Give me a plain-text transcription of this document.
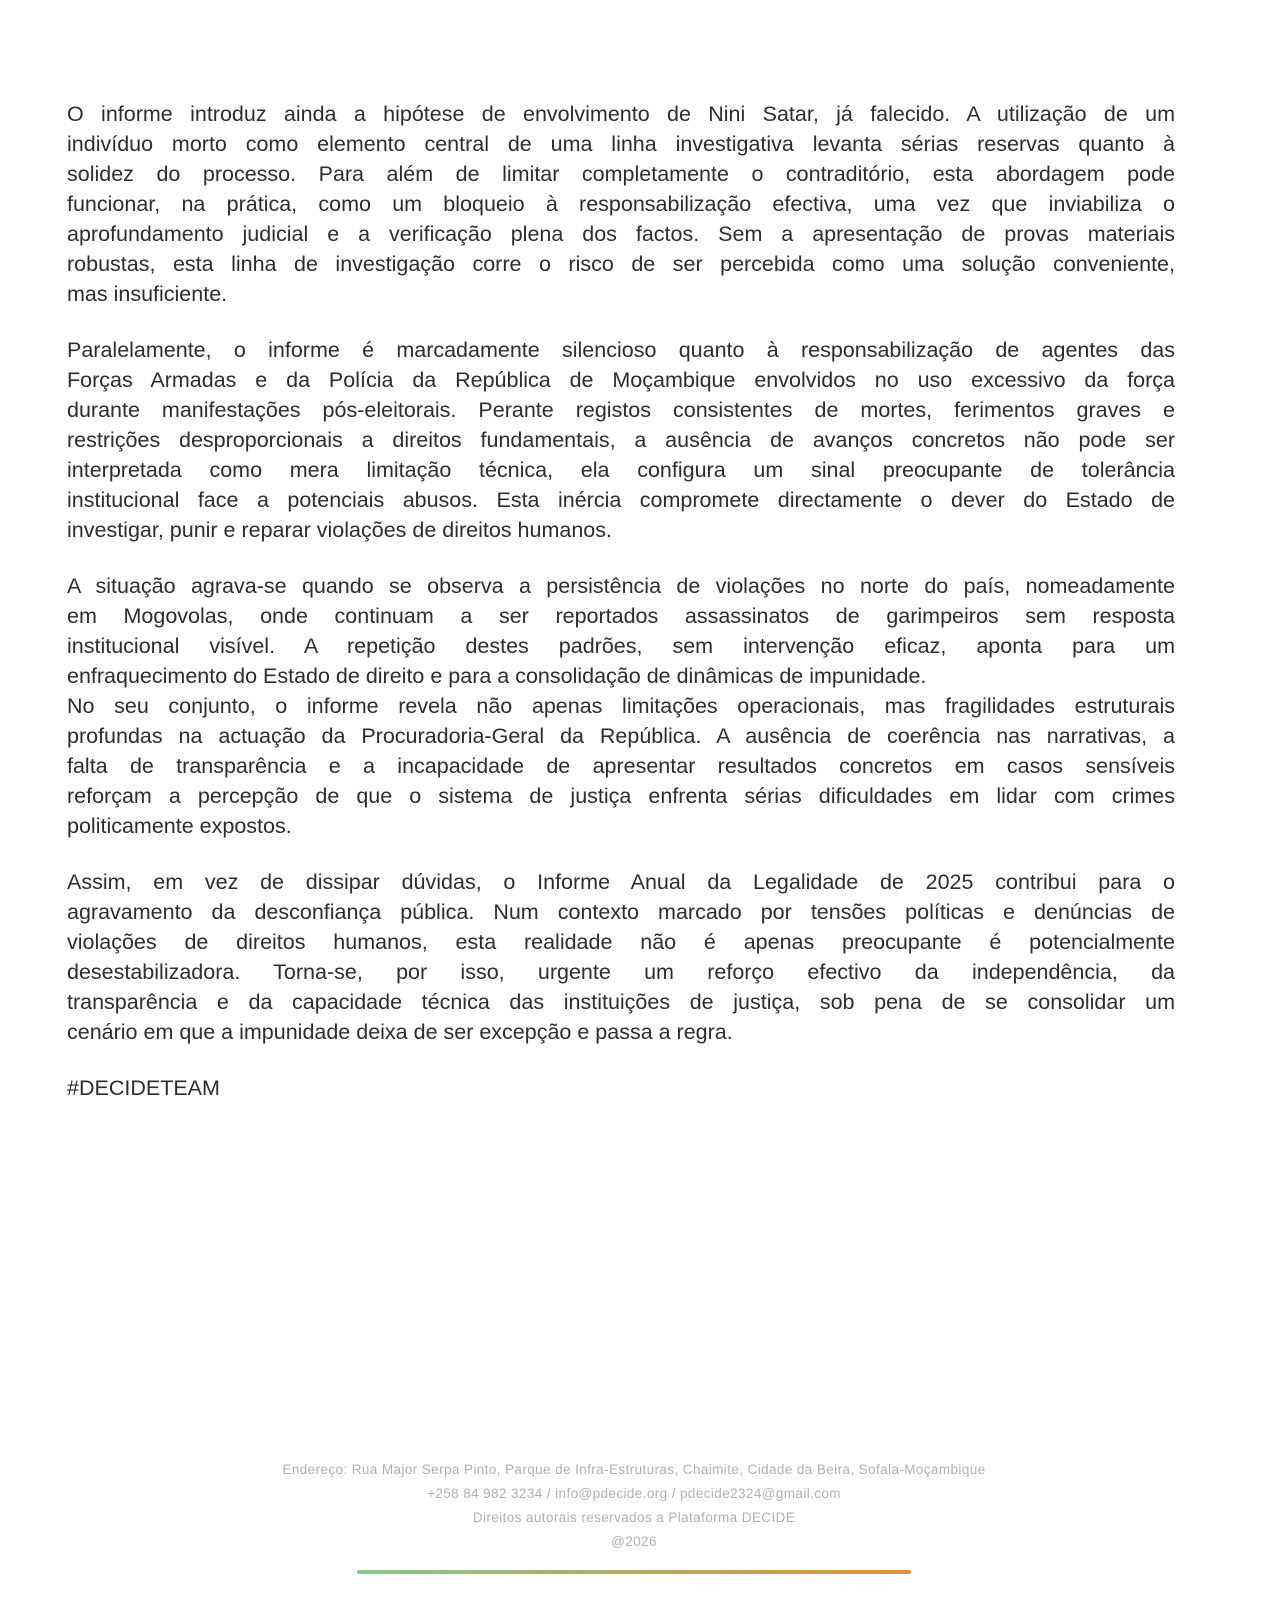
O informe introduz ainda a hipótese de envolvimento de Nini Satar, já falecido. A utilização de um
indivíduo morto como elemento central de uma linha investigativa levanta sérias reservas quanto à
solidez do processo. Para além de limitar completamente o contraditório, esta abordagem pode
funcionar, na prática, como um bloqueio à responsabilização efectiva, uma vez que inviabiliza o
aprofundamento judicial e a verificação plena dos factos. Sem a apresentação de provas materiais
robustas, esta linha de investigação corre o risco de ser percebida como uma solução conveniente,
mas insuficiente.
Paralelamente, o informe é marcadamente silencioso quanto à responsabilização de agentes das
Forças Armadas e da Polícia da República de Moçambique envolvidos no uso excessivo da força
durante manifestações pós-eleitorais. Perante registos consistentes de mortes, ferimentos graves e
restrições desproporcionais a direitos fundamentais, a ausência de avanços concretos não pode ser
interpretada como mera limitação técnica, ela configura um sinal preocupante de tolerância
institucional face a potenciais abusos. Esta inércia compromete directamente o dever do Estado de
investigar, punir e reparar violações de direitos humanos.
A situação agrava-se quando se observa a persistência de violações no norte do país, nomeadamente
em Mogovolas, onde continuam a ser reportados assassinatos de garimpeiros sem resposta
institucional visível. A repetição destes padrões, sem intervenção eficaz, aponta para um
enfraquecimento do Estado de direito e para a consolidação de dinâmicas de impunidade.
No seu conjunto, o informe revela não apenas limitações operacionais, mas fragilidades estruturais
profundas na actuação da Procuradoria-Geral da República. A ausência de coerência nas narrativas, a
falta de transparência e a incapacidade de apresentar resultados concretos em casos sensíveis
reforçam a percepção de que o sistema de justiça enfrenta sérias dificuldades em lidar com crimes
politicamente expostos.
Assim, em vez de dissipar dúvidas, o Informe Anual da Legalidade de 2025 contribui para o
agravamento da desconfiança pública. Num contexto marcado por tensões políticas e denúncias de
violações de direitos humanos, esta realidade não é apenas preocupante é potencialmente
desestabilizadora. Torna-se, por isso, urgente um reforço efectivo da independência, da
transparência e da capacidade técnica das instituições de justiça, sob pena de se consolidar um
cenário em que a impunidade deixa de ser excepção e passa a regra.
#DECIDETEAM
Endereço: Rua Major Serpa Pinto, Parque de Infra-Estruturas, Chaimite, Cidade da Beira, Sofala-Moçambique
+258 84 982 3234 / info@pdecide.org / pdecide2324@gmail.com
Direitos autorais reservados a Plataforma DECIDE
@2026
